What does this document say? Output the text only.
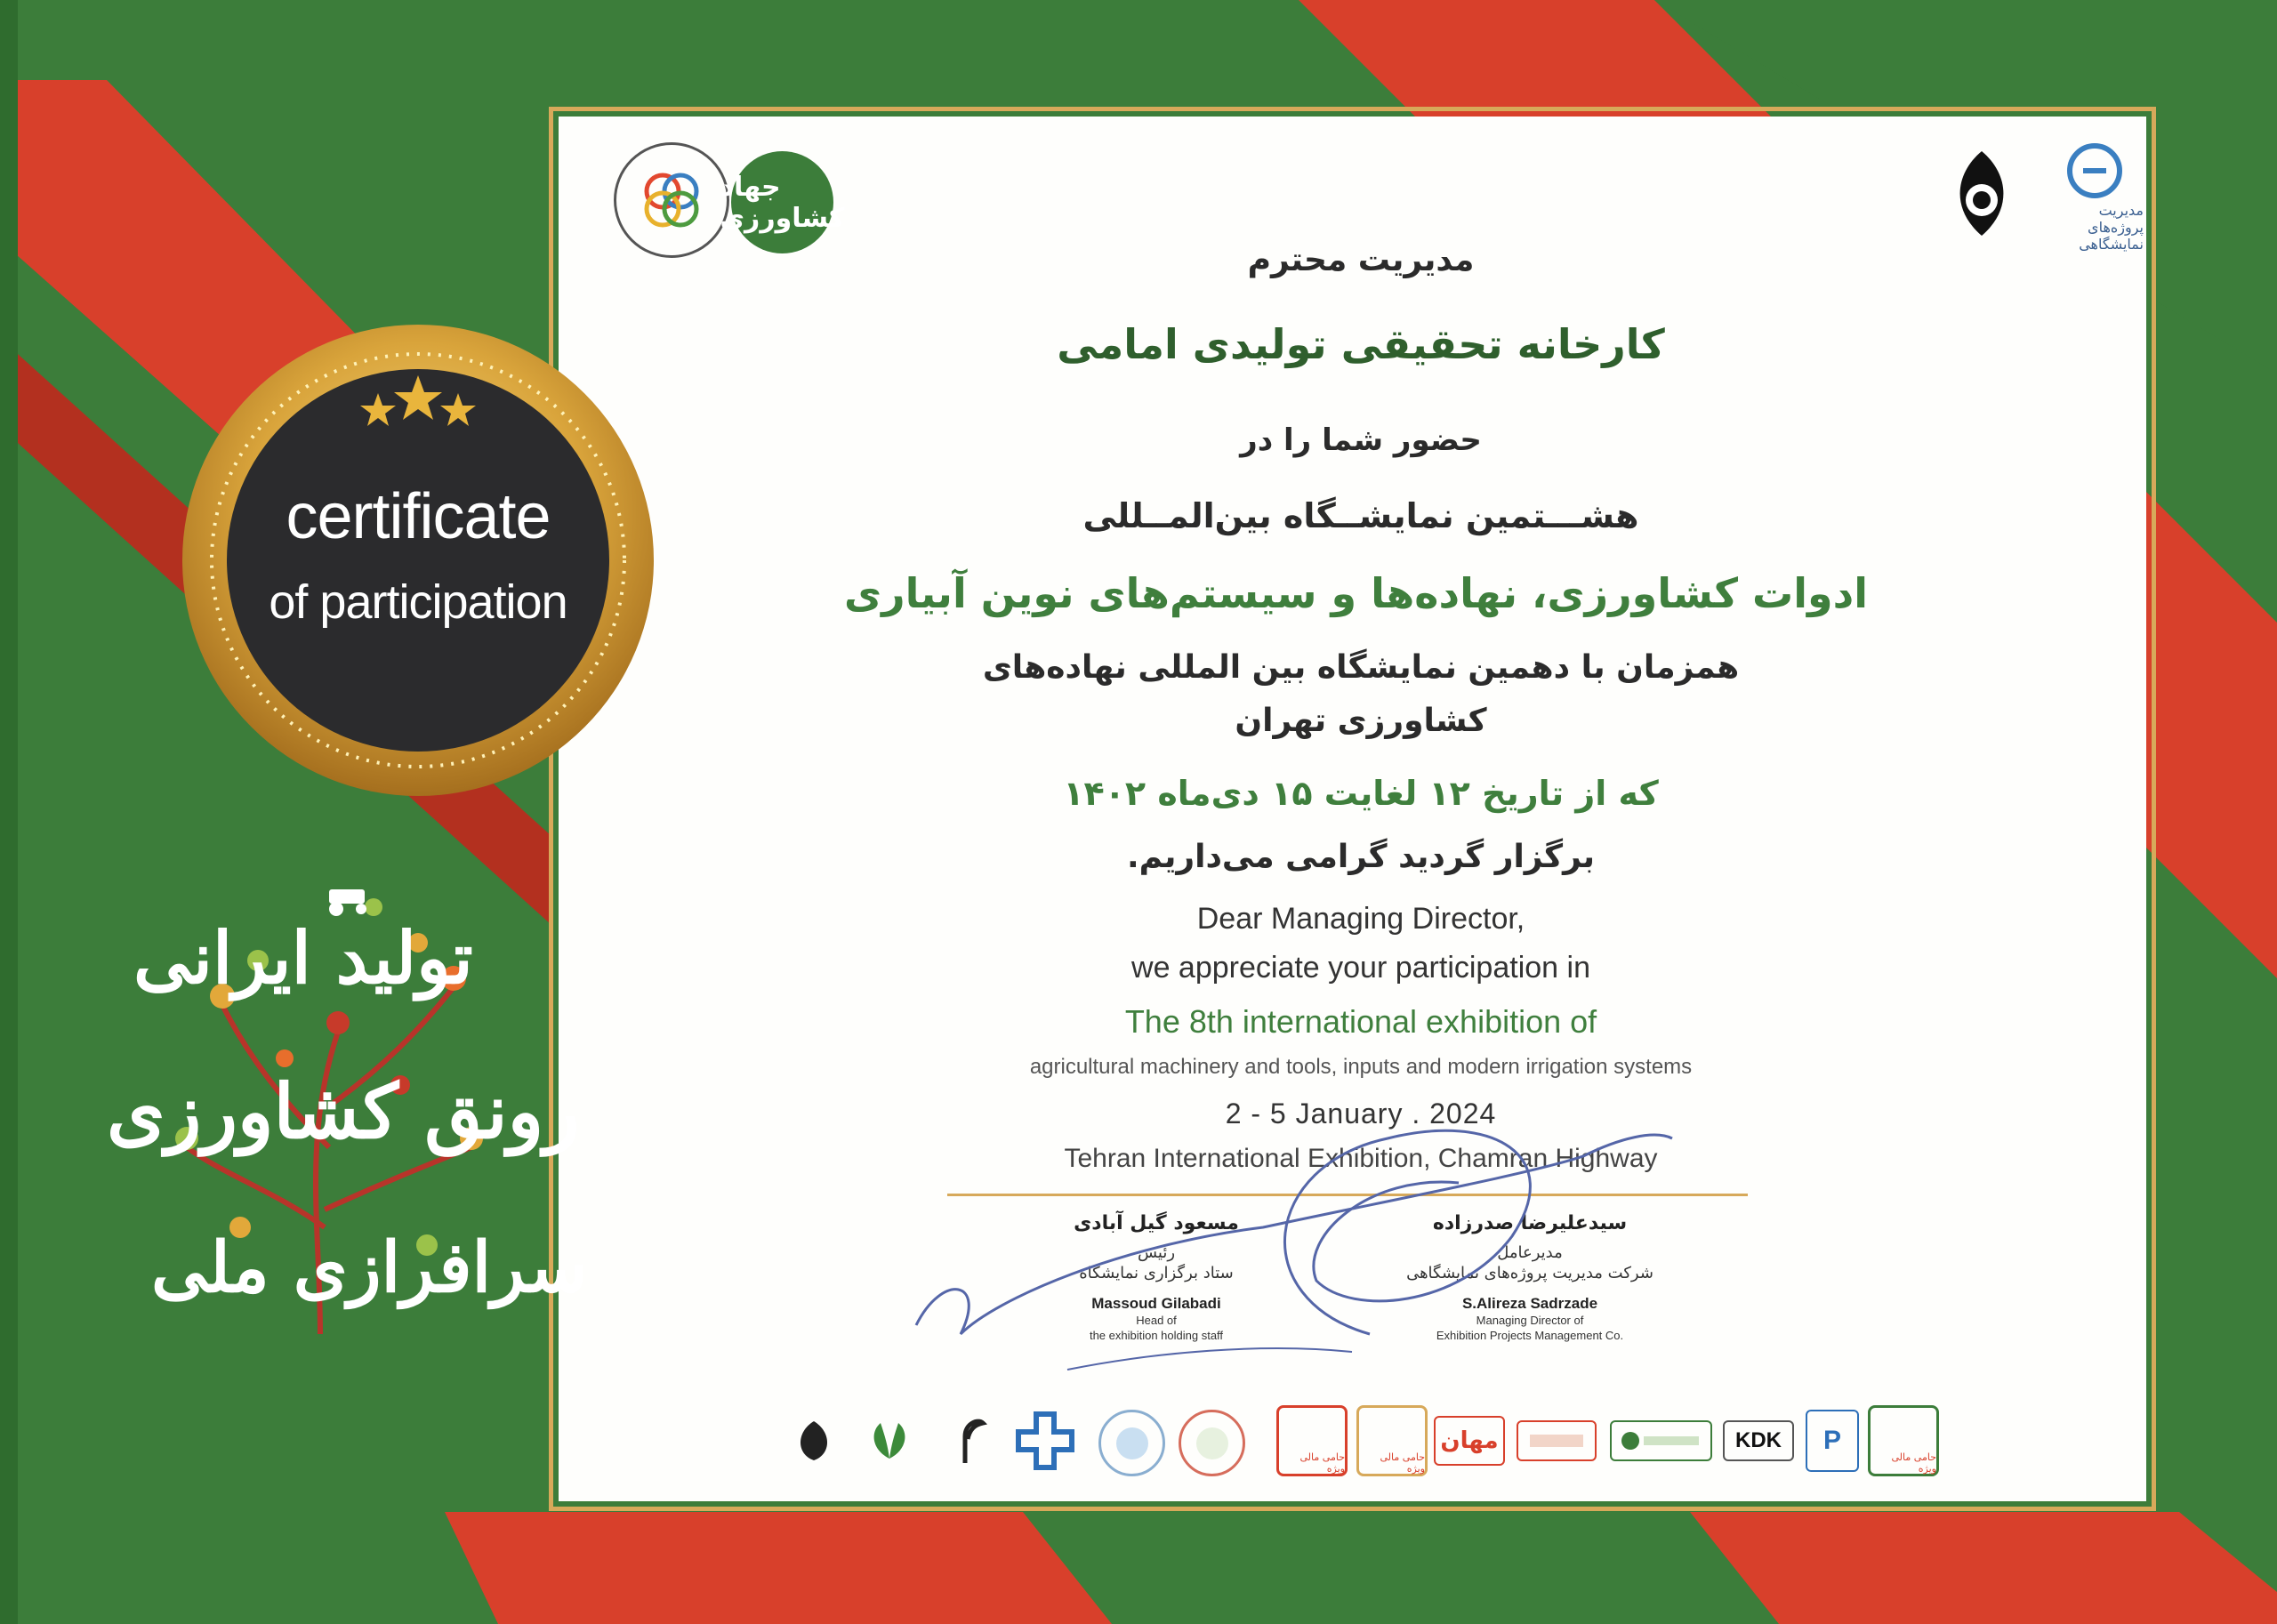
certificate
of participation
تولید ایرانی
رونق کشاورزی
سرافرازی ملی
جهاد کشاورزی	مدیریت پروژه‌های نمایشگاهی
مدیریت محترم
کارخانه تحقیقی تولیدی امامی
حضور شما را در
هشـــتمین نمایشــگاه بین‌المــللی
ادوات کشاورزی، نهاده‌ها و سیستم‌های نوین آبیاری
همزمان با دهمین نمایشگاه بین المللی نهاده‌های
کشاورزی تهران
که از تاریخ ۱۲ لغایت ۱۵ دی‌ماه ۱۴۰۲
برگزار گردید گرامی می‌داریم.
Dear Managing Director,
we appreciate your participation in
The 8th international exhibition of
agricultural machinery and tools, inputs and modern irrigation systems
2 - 5 January . 2024
Tehran International Exhibition, Chamran Highway
مسعود گیل آبادی
رئیس
ستاد برگزاری نمایشگاه
Massoud Gilabadi
Head of
the exhibition holding staff
سیدعلیرضا صدرزاده
مدیرعامل
شرکت مدیریت پروژه‌های نمایشگاهی
S.Alireza Sadrzade
Managing Director of
Exhibition Projects Management Co.
حامی مالی ویژه
حامی مالی ویژه
مهان	KDK P
حامی مالی ویژه
